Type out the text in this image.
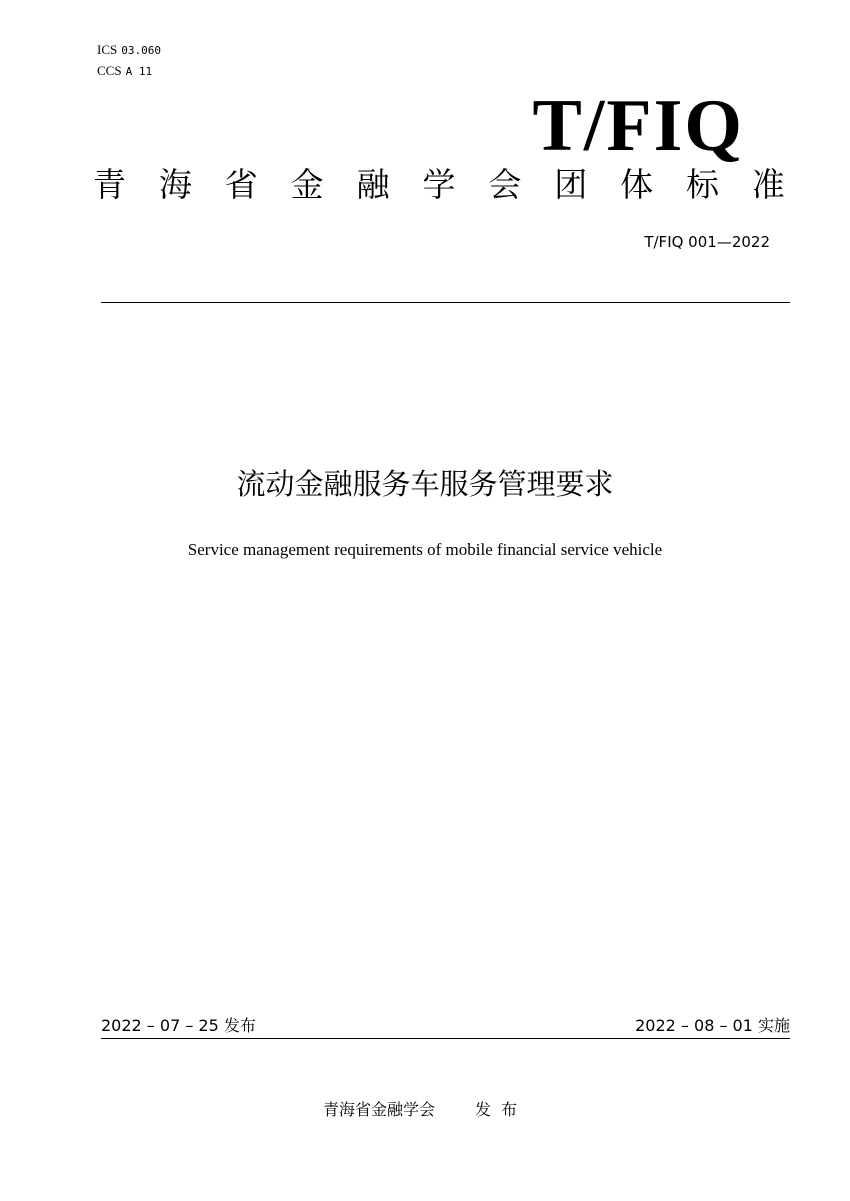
ICS 03.060
CCS A 11
T/FIQ
青 海 省 金 融 学 会 团 体 标 准
T/FIQ 001—2022
流动金融服务车服务管理要求
Service management requirements of mobile financial service vehicle
2022 – 07 – 25 发布	2022 – 08 – 01 实施
青海省金融学会	发布
